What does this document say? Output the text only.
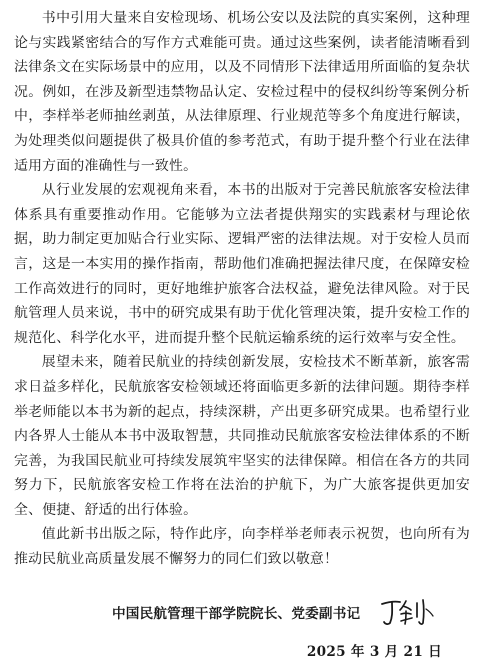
书中引用大量来自安检现场、机场公安以及法院的真实案例，这种理论与实践紧密结合的写作方式难能可贵。通过这些案例，读者能清晰看到法律条文在实际场景中的应用，以及不同情形下法律适用所面临的复杂状况。例如，在涉及新型违禁物品认定、安检过程中的侵权纠纷等案例分析中，李样举老师抽丝剥茧，从法律原理、行业规范等多个角度进行解读，为处理类似问题提供了极具价值的参考范式，有助于提升整个行业在法律适用方面的准确性与一致性。

从行业发展的宏观视角来看，本书的出版对于完善民航旅客安检法律体系具有重要推动作用。它能够为立法者提供翔实的实践素材与理论依据，助力制定更加贴合行业实际、逻辑严密的法律法规。对于安检人员而言，这是一本实用的操作指南，帮助他们准确把握法律尺度，在保障安检工作高效进行的同时，更好地维护旅客合法权益，避免法律风险。对于民航管理人员来说，书中的研究成果有助于优化管理决策，提升安检工作的规范化、科学化水平，进而提升整个民航运输系统的运行效率与安全性。

展望未来，随着民航业的持续创新发展，安检技术不断革新，旅客需求日益多样化，民航旅客安检领域还将面临更多新的法律问题。期待李样举老师能以本书为新的起点，持续深耕，产出更多研究成果。也希望行业内各界人士能从本书中汲取智慧，共同推动民航旅客安检法律体系的不断完善，为我国民航业可持续发展筑牢坚实的法律保障。相信在各方的共同努力下，民航旅客安检工作将在法治的护航下，为广大旅客提供更加安全、便捷、舒适的出行体验。

值此新书出版之际，特作此序，向李样举老师表示祝贺，也向所有为推动民航业高质量发展不懈努力的同仁们致以敬意！

中国民航管理干部学院院长、党委副书记
2025 年 3 月 21 日
